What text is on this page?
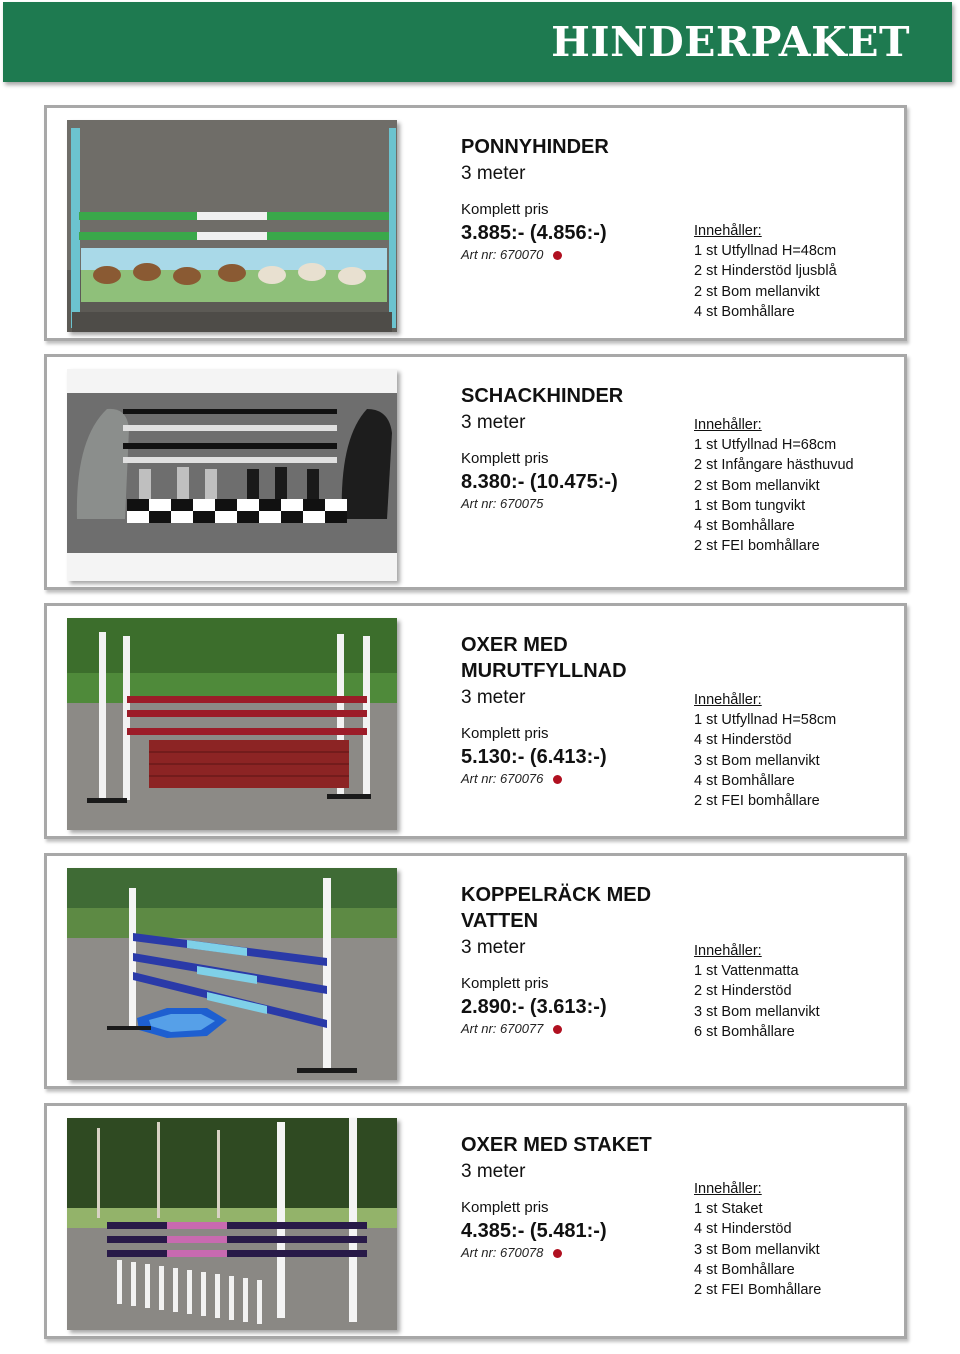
HINDERPAKET
PONNYHINDER
3 meter
Komplett pris
3.885:- (4.856:-)
Art nr: 670070
Innehåller:
1 st Utfyllnad H=48cm
2 st Hinderstöd ljusblå
2 st Bom mellanvikt
4 st Bomhållare
SCHACKHINDER
3 meter
Komplett pris
8.380:- (10.475:-)
Art nr: 670075
Innehåller:
1 st Utfyllnad H=68cm
2 st Infångare hästhuvud
2 st Bom mellanvikt
1 st Bom tungvikt
4 st Bomhållare
2 st FEI bomhållare
OXER MED MURUTFYLLNAD
3 meter
Komplett pris
5.130:- (6.413:-)
Art nr: 670076
Innehåller:
1 st Utfyllnad H=58cm
4 st Hinderstöd
3 st Bom mellanvikt
4 st Bomhållare
2 st FEI bomhållare
KOPPELRÄCK MED VATTEN
3 meter
Komplett pris
2.890:- (3.613:-)
Art nr: 670077
Innehåller:
1 st Vattenmatta
2 st Hinderstöd
3 st Bom mellanvikt
6 st Bomhållare
OXER MED STAKET
3 meter
Komplett pris
4.385:- (5.481:-)
Art nr: 670078
Innehåller:
1 st Staket
4 st Hinderstöd
3 st Bom mellanvikt
4 st Bomhållare
2 st FEI Bomhållare
